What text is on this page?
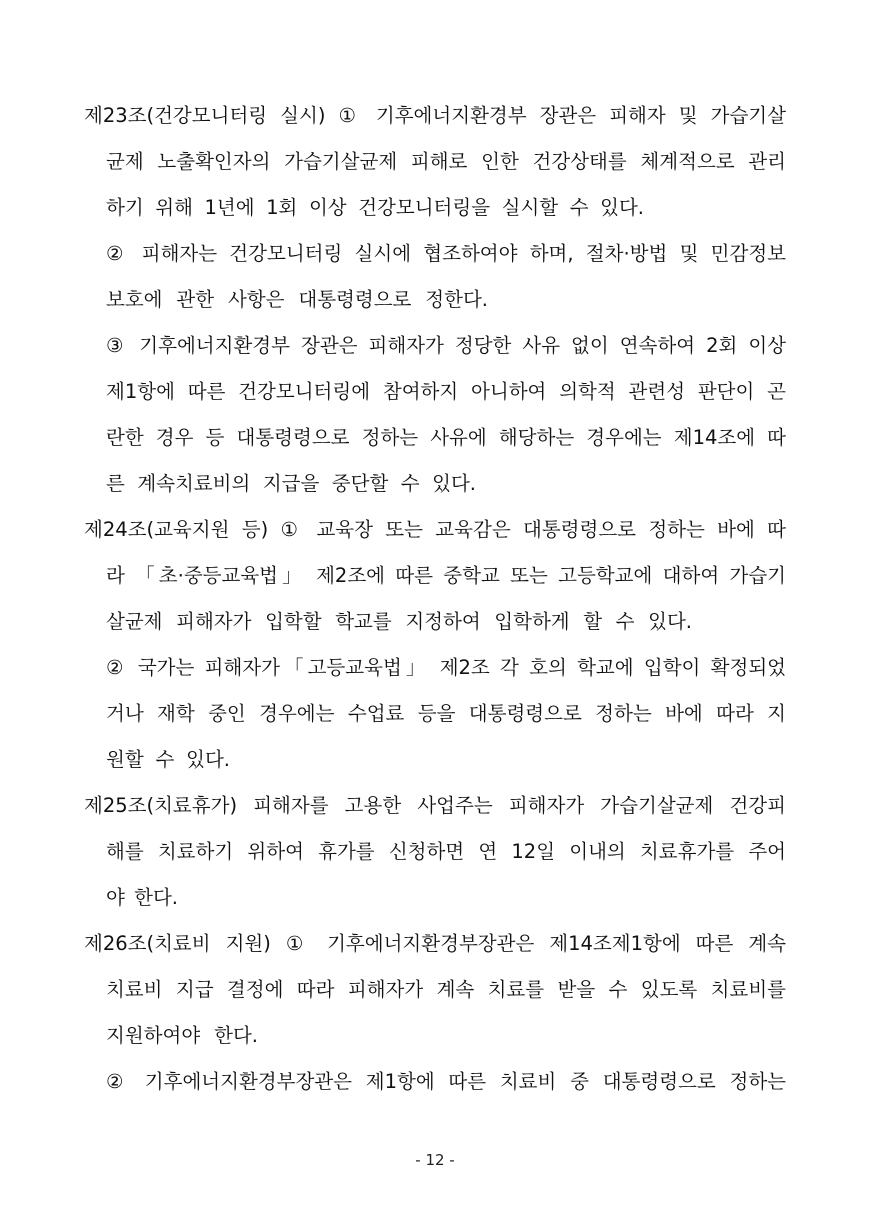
제23조(건강모니터링 실시) ① 기후에너지환경부 장관은 피해자 및 가습기살
균제 노출확인자의 가습기살균제 피해로 인한 건강상태를 체계적으로 관리
하기 위해 1년에 1회 이상 건강모니터링을 실시할 수 있다.
② 피해자는 건강모니터링 실시에 협조하여야 하며, 절차·방법 및 민감정보
보호에 관한 사항은 대통령령으로 정한다.
③ 기후에너지환경부 장관은 피해자가 정당한 사유 없이 연속하여 2회 이상
제1항에 따른 건강모니터링에 참여하지 아니하여 의학적 관련성 판단이 곤
란한 경우 등 대통령령으로 정하는 사유에 해당하는 경우에는 제14조에 따
른 계속치료비의 지급을 중단할 수 있다.
제24조(교육지원 등) ① 교육장 또는 교육감은 대통령령으로 정하는 바에 따
라 「초·중등교육법」 제2조에 따른 중학교 또는 고등학교에 대하여 가습기
살균제 피해자가 입학할 학교를 지정하여 입학하게 할 수 있다.
② 국가는 피해자가「고등교육법」 제2조 각 호의 학교에 입학이 확정되었
거나 재학 중인 경우에는 수업료 등을 대통령령으로 정하는 바에 따라 지
원할 수 있다.
제25조(치료휴가) 피해자를 고용한 사업주는 피해자가 가습기살균제 건강피
해를 치료하기 위하여 휴가를 신청하면 연 12일 이내의 치료휴가를 주어
야 한다.
제26조(치료비 지원) ① 기후에너지환경부장관은 제14조제1항에 따른 계속
치료비 지급 결정에 따라 피해자가 계속 치료를 받을 수 있도록 치료비를
지원하여야 한다.
② 기후에너지환경부장관은 제1항에 따른 치료비 중 대통령령으로 정하는
- 12 -
